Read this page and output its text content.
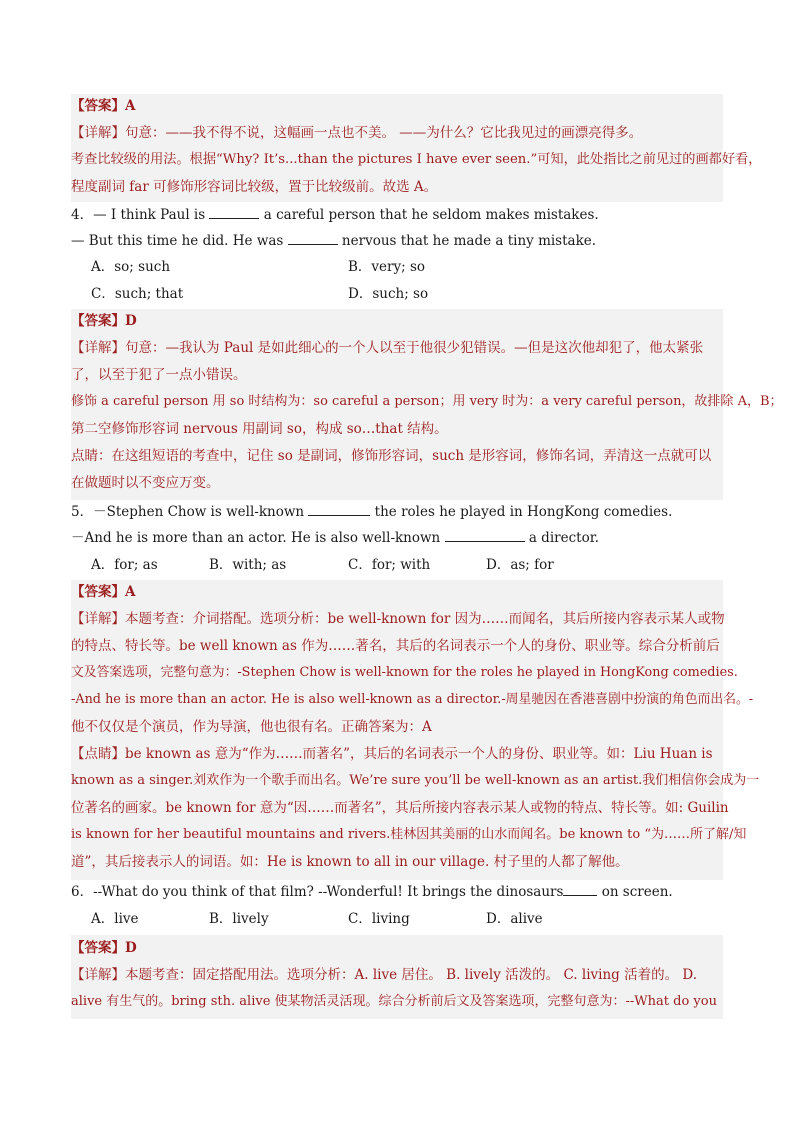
【答案】A
【详解】句意：——我不得不说，这幅画一点也不美。 ——为什么？它比我见过的画漂亮得多。
考查比较级的用法。根据“Why? It’s...than the pictures I have ever seen.”可知，此处指比之前见过的画都好看，
程度副词 far 可修饰形容词比较级，置于比较级前。故选 A。
4．— I think Paul is	a careful person that he seldom makes mistakes.
— But this time he did. He was	nervous that he made a tiny mistake.
A．so; such	B．very; so
C．such; that	D．such; so
【答案】D
【详解】句意：—我认为 Paul 是如此细心的一个人以至于他很少犯错误。—但是这次他却犯了，他太紧张
了，以至于犯了一点小错误。
修饰 a careful person 用 so 时结构为：so careful a person；用 very 时为：a very careful person，故排除 A，B；
第二空修饰形容词 nervous 用副词 so，构成 so…that 结构。
点睛：在这组短语的考查中，记住 so 是副词，修饰形容词，such 是形容词，修饰名词，弄清这一点就可以
在做题时以不变应万变。
5．－Stephen Chow is well-known	the roles he played in HongKong comedies.
－And he is more than an actor. He is also well-known	a director.
A．for; as	B．with; as	C．for; with	D．as; for
【答案】A
【详解】本题考查：介词搭配。选项分析：be well-known for 因为……而闻名，其后所接内容表示某人或物
的特点、特长等。be well known as 作为……著名，其后的名词表示一个人的身份、职业等。综合分析前后
文及答案选项，完整句意为：-Stephen Chow is well-known for the roles he played in HongKong comedies.
-And he is more than an actor. He is also well-known as a director.-周星驰因在香港喜剧中扮演的角色而出名。-
他不仅仅是个演员，作为导演，他也很有名。正确答案为：A
【点睛】be known as 意为“作为……而著名”，其后的名词表示一个人的身份、职业等。如：Liu Huan is
known as a singer.刘欢作为一个歌手而出名。We’re sure you’ll be well-known as an artist.我们相信你会成为一
位著名的画家。be known for 意为“因……而著名”，其后所接内容表示某人或物的特点、特长等。如: Guilin
is known for her beautiful mountains and rivers.桂林因其美丽的山水而闻名。be known to “为……所了解/知
道”，其后接表示人的词语。如：He is known to all in our village. 村子里的人都了解他。
6．--What do you think of that film? --Wonderful! It brings the dinosaurs	on screen.
A．live	B．lively	C．living	D．alive
【答案】D
【详解】本题考查：固定搭配用法。选项分析：A. live 居住。 B. lively 活泼的。 C. living 活着的。 D.
alive 有生气的。bring sth. alive 使某物活灵活现。综合分析前后文及答案选项，完整句意为：--What do you
